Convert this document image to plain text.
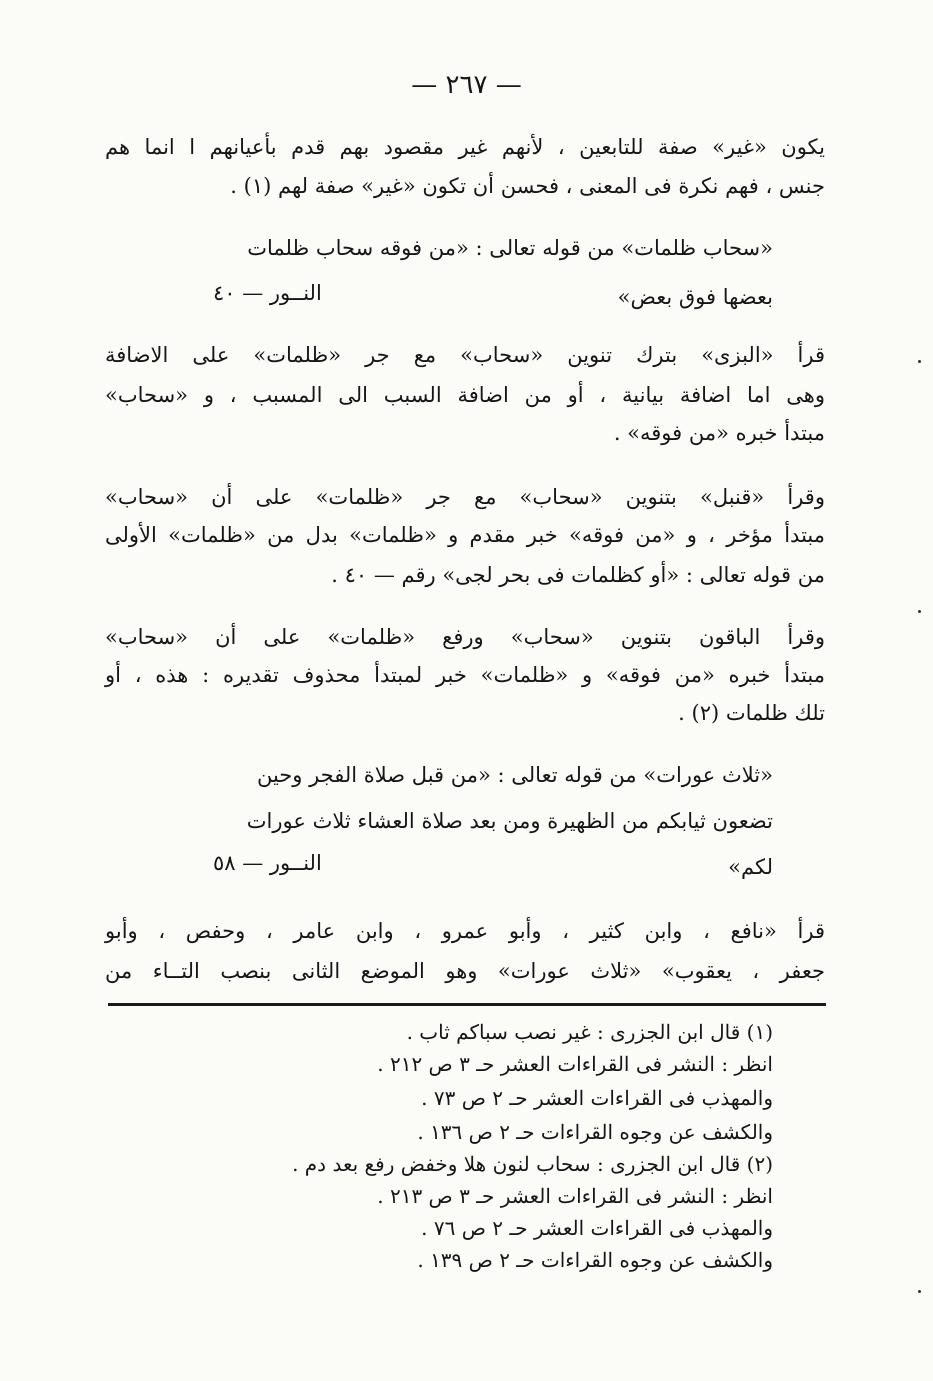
— ٢٦٧ —
يكون «غير» صفة للتابعين ، لأنهم غير مقصود بهم قدم بأعيانهم ا انما هم
جنس ، فهم نكرة فى المعنى ، فحسن أن تكون «غير» صفة لهم (١) .
«سحاب ظلمات» من قوله تعالى : «من فوقه سحاب ظلمات
بعضها فوق بعض»
النــور — ٤٠
قرأ «البزى» بترك تنوين «سحاب» مع جر «ظلمات» على الاضافة
وهى اما اضافة بيانية ، أو من اضافة السبب الى المسبب ، و «سحاب»
مبتدأ خبره «من فوقه» .
وقرأ «قنبل» بتنوين «سحاب» مع جر «ظلمات» على أن «سحاب»
مبتدأ مؤخر ، و «من فوقه» خبر مقدم و «ظلمات» بدل من «ظلمات» الأولى
من قوله تعالى : «أو كظلمات فى بحر لجى» رقم — ٤٠ .
وقرأ الباقون بتنوين «سحاب» ورفع «ظلمات» على أن «سحاب»
مبتدأ خبره «من فوقه» و «ظلمات» خبر لمبتدأ محذوف تقديره : هذه ، أو
تلك ظلمات (٢) .
«ثلاث عورات» من قوله تعالى : «من قبل صلاة الفجر وحين
تضعون ثيابكم من الظهيرة ومن بعد صلاة العشاء ثلاث عورات
لكم»
النــور — ٥٨
قرأ «نافع ، وابن كثير ، وأبو عمرو ، وابن عامر ، وحفص ، وأبو
جعفر ، يعقوب» «ثلاث عورات» وهو الموضع الثانى بنصب التــاء من
(١) قال ابن الجزرى : غير نصب سباكم ثاب .
انظر : النشر فى القراءات العشر حـ ٣ ص ٢١٢ .
والمهذب فى القراءات العشر حـ ٢ ص ٧٣ .
والكشف عن وجوه القراءات حـ ٢ ص ١٣٦ .
(٢) قال ابن الجزرى : سحاب لنون هلا وخفض رفع بعد دم .
انظر : النشر فى القراءات العشر حـ ٣ ص ٢١٣ .
والمهذب فى القراءات العشر حـ ٢ ص ٧٦ .
والكشف عن وجوه القراءات حـ ٢ ص ١٣٩ .
